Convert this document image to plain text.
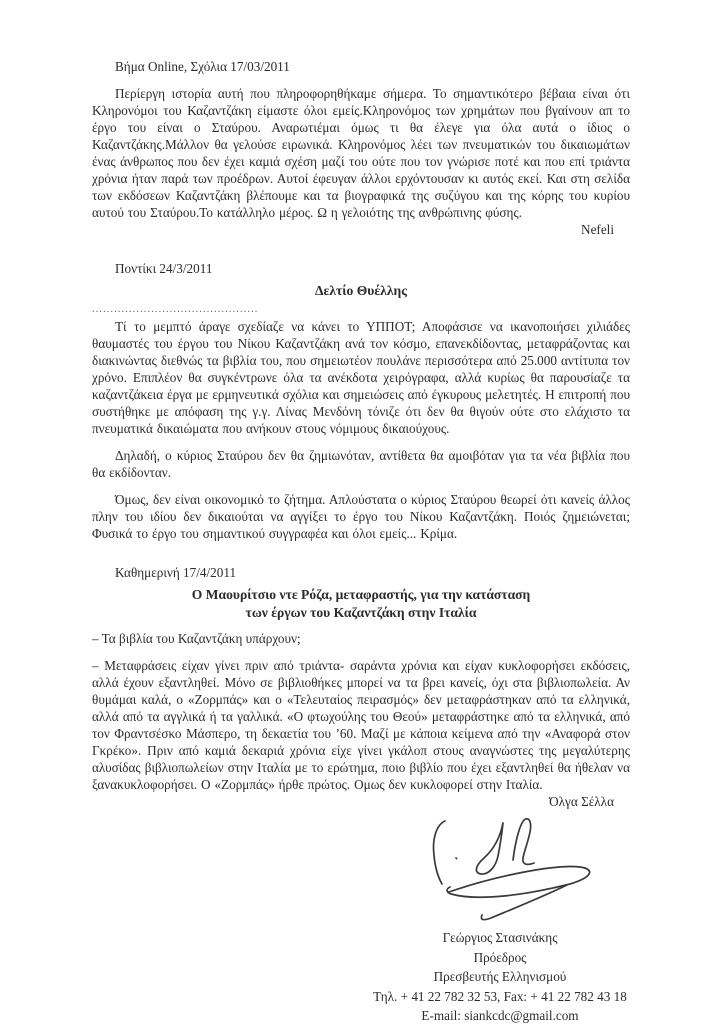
Βήμα Online, Σχόλια 17/03/2011

Περίεργη ιστορία αυτή που πληροφορηθήκαμε σήμερα. Το σημαντικότερο βέβαια είναι ότι Κληρονόμοι του Καζαντζάκη είμαστε όλοι εμείς.Κληρονόμος των χρημάτων που βγαίνουν απ το έργο του είναι ο Σταύρου. Αναρωτιέμαι όμως τι θα έλεγε για όλα αυτά ο ίδιος ο Καζαντζάκης.Μάλλον θα γελούσε ειρωνικά. Κληρονόμος λέει των πνευματικών του δικαιωμάτων ένας άνθρωπος που δεν έχει καμιά σχέση μαζί του ούτε που τον γνώρισε ποτέ και που επί τριάντα χρόνια ήταν παρά των προέδρων. Αυτοί έφευγαν άλλοι ερχόντουσαν κι αυτός εκεί. Και στη σελίδα των εκδόσεων Καζαντζάκη βλέπουμε και τα βιογραφικά της συζύγου και της κόρης του κυρίου αυτού του Σταύρου.Το κατάλληλο μέρος. Ω η γελοιότης της ανθρώπινης φύσης.

Nefeli

Ποντίκι 24/3/2011

Δελτίο Θυέλλης
.............................................

Τί το μεμπτό άραγε σχεδίαζε να κάνει το ΥΠΠΟΤ; Αποφάσισε να ικανοποιήσει χιλιάδες θαυμαστές του έργου του Νίκου Καζαντζάκη ανά τον κόσμο, επανεκδίδοντας, μεταφράζοντας και διακινώντας διεθνώς τα βιβλία του, που σημειωτέον πουλάνε περισσότερα από 25.000 αντίτυπα τον χρόνο. Επιπλέον θα συγκέντρωνε όλα τα ανέκδοτα χειρόγραφα, αλλά κυρίως θα παρουσίαζε τα καζαντζάκεια έργα με ερμηνευτικά σχόλια και σημειώσεις από έγκυρους μελετητές. Η επιτροπή που συστήθηκε με απόφαση της γ.γ. Λίνας Μενδόνη τόνιζε ότι δεν θα θιγούν ούτε στο ελάχιστο τα πνευματικά δικαιώματα που ανήκουν στους νόμιμους δικαιούχους.

Δηλαδή, ο κύριος Σταύρου δεν θα ζημιωνόταν, αντίθετα θα αμοιβόταν για τα νέα βιβλία που θα εκδίδονταν.

Όμως, δεν είναι οικονομικό το ζήτημα. Απλούστατα ο κύριος Σταύρου θεωρεί ότι κανείς άλλος πλην του ιδίου δεν δικαιούται να αγγίξει το έργο του Νίκου Καζαντζάκη. Ποιός ζημειώνεται; Φυσικά το έργο του σημαντικού συγγραφέα και όλοι εμείς... Κρίμα.

Καθημερινή 17/4/2011

Ο Μαουρίτσιο ντε Ρόζα, μεταφραστής, για την κατάσταση
των έργων του Καζαντζάκη στην Ιταλία

– Τα βιβλία του Καζαντζάκη υπάρχουν;

– Μεταφράσεις είχαν γίνει πριν από τριάντα- σαράντα χρόνια και είχαν κυκλοφορήσει εκδόσεις, αλλά έχουν εξαντληθεί. Μόνο σε βιβλιοθήκες μπορεί να τα βρει κανείς, όχι στα βιβλιοπωλεία. Αν θυμάμαι καλά, ο «Ζορμπάς» και ο «Τελευταίος πειρασμός» δεν μεταφράστηκαν από τα ελληνικά, αλλά από τα αγγλικά ή τα γαλλικά. «Ο φτωχούλης του Θεού» μεταφράστηκε από τα ελληνικά, από τον Φραντσέσκο Μάσπερο, τη δεκαετία του ’60. Μαζί με κάποια κείμενα από την «Αναφορά στον Γκρέκο». Πριν από καμιά δεκαριά χρόνια είχε γίνει γκάλοπ στους αναγνώστες της μεγαλύτερης αλυσίδας βιβλιοπωλείων στην Ιταλία με το ερώτημα, ποιο βιβλίο που έχει εξαντληθεί θα ήθελαν να ξανακυκλοφορήσει. Ο «Ζορμπάς» ήρθε πρώτος. Ομως δεν κυκλοφορεί στην Ιταλία.

Όλγα Σέλλα

Γεώργιος Στασινάκης
Πρόεδρος
Πρεσβευτής Ελληνισμού
Τηλ. + 41 22 782 32 53, Fax: + 41 22 782 43 18
E-mail: siankcdc@gmail.com
